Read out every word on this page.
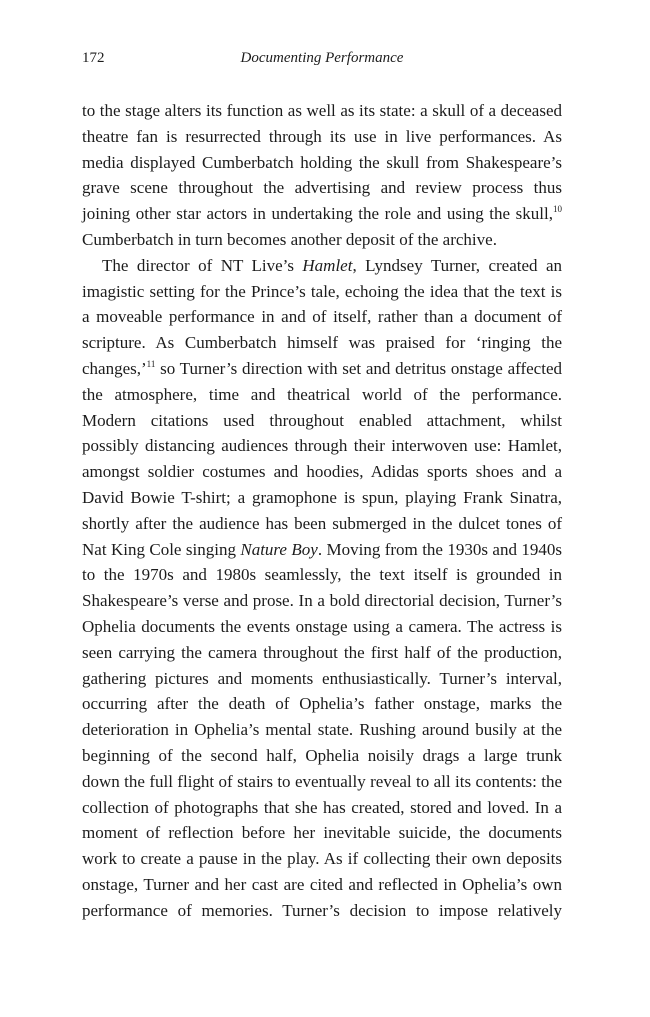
172	Documenting Performance
to the stage alters its function as well as its state: a skull of a deceased
theatre fan is resurrected through its use in live performances. As
media displayed Cumberbatch holding the skull from Shakespeare’s
grave scene throughout the advertising and review process thus
joining other star actors in undertaking the role and using the skull,$^{10}$
Cumberbatch in turn becomes another deposit of the archive.
The director of NT Live’s Hamlet, Lyndsey Turner, created an
imagistic setting for the Prince’s tale, echoing the idea that the text is
a moveable performance in and of itself, rather than a document of
scripture. As Cumberbatch himself was praised for ‘ringing the
changes,’$^{11}$ so Turner’s direction with set and detritus onstage affected
the atmosphere, time and theatrical world of the performance.
Modern citations used throughout enabled attachment, whilst
possibly distancing audiences through their interwoven use: Hamlet,
amongst soldier costumes and hoodies, Adidas sports shoes and a
David Bowie T-shirt; a gramophone is spun, playing Frank Sinatra,
shortly after the audience has been submerged in the dulcet tones of
Nat King Cole singing Nature Boy. Moving from the 1930s and 1940s
to the 1970s and 1980s seamlessly, the text itself is grounded in
Shakespeare’s verse and prose. In a bold directorial decision, Turner’s
Ophelia documents the events onstage using a camera. The actress is
seen carrying the camera throughout the first half of the production,
gathering pictures and moments enthusiastically. Turner’s interval,
occurring after the death of Ophelia’s father onstage, marks the
deterioration in Ophelia’s mental state. Rushing around busily at the
beginning of the second half, Ophelia noisily drags a large trunk
down the full flight of stairs to eventually reveal to all its contents: the
collection of photographs that she has created, stored and loved. In a
moment of reflection before her inevitable suicide, the documents
work to create a pause in the play. As if collecting their own deposits
onstage, Turner and her cast are cited and reflected in Ophelia’s own
performance of memories. Turner’s decision to impose relatively
